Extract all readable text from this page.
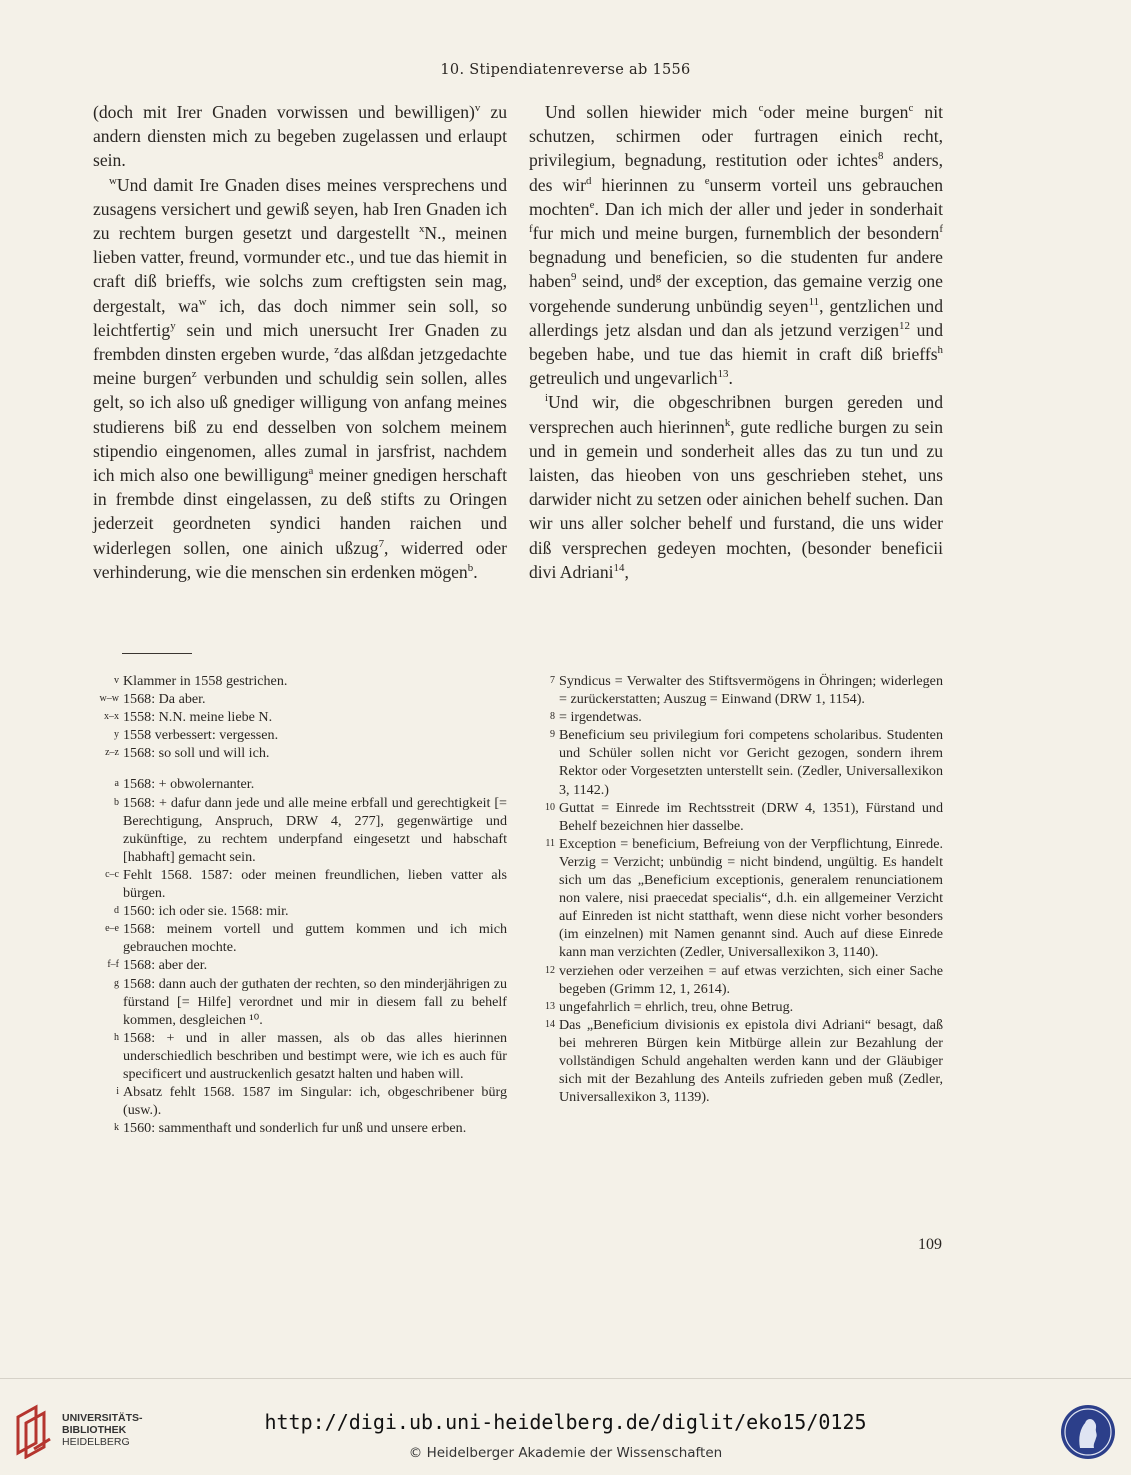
10. Stipendiatenreverse ab 1556

(doch mit Irer Gnaden vorwissen und bewilligen)$^v$ zu andern diensten mich zu begeben zugelassen und erlaupt sein.

$^w$Und damit Ire Gnaden dises meines versprechens und zusagens versichert und gewiß seyen, hab Iren Gnaden ich zu rechtem burgen gesetzt und dargestellt $^x$N., meinen lieben vatter, freund, vormunder etc., und tue das hiemit in craft diß brieffs, wie solchs zum creftigsten sein mag, dergestalt, $wa^w$ ich, das doch nimmer sein soll, so leichtfertig$^y$ sein und mich unersucht Irer Gnaden zu frembden dinsten ergeben wurde, $^z$das alßdan jetzgedachte meine burgen$^z$ verbunden und schuldig sein sollen, alles gelt, so ich also uß gnediger willigung von anfang meines studierens biß zu end desselben von solchem meinem stipendio eingenomen, alles zumal in jarsfrist, nachdem ich mich also one bewilligung$^a$ meiner gnedigen herschaft in frembde dinst eingelassen, zu deß stifts zu Oringen jederzeit geordneten syndici handen raichen und widerlegen sollen, one ainich ußzug$^7$, widerred oder verhinderung, wie die menschen sin erdenken mögen$^b$.

Und sollen hiewider mich $^c$oder meine burgen$^c$ nit schutzen, schirmen oder furtragen einich recht, privilegium, begnadung, restitution oder ichtes$^8$ anders, des wir$^d$ hierinnen zu $^e$unserm vorteil uns gebrauchen mochten$^e$. Dan ich mich der aller und jeder in sonderhait $^f$fur mich und meine burgen, furnemblich der besondern$^f$ begnadung und beneficien, so die studenten fur andere haben$^9$ seind, und$^g$ der exception, das gemaine verzig one vorgehende sunderung unbündig seyen$^{11}$, gentzlichen und allerdings jetz alsdan und dan als jetzund verzigen$^{12}$ und begeben habe, und tue das hiemit in craft diß brieffs$^h$ getreulich und ungevarlich$^{13}$.

$^i$Und wir, die obgeschribnen burgen gereden und versprechen auch hierinnen$^k$, gute redliche burgen zu sein und in gemein und sonderheit alles das zu tun und zu laisten, das hieoben von uns geschrieben stehet, uns darwider nicht zu setzen oder ainichen behelf suchen. Dan wir uns aller solcher behelf und furstand, die uns wider diß versprechen gedeyen mochten, (besonder beneficii divi Adriani$^{14}$,

v Klammer in 1558 gestrichen.
w–w 1568: Da aber.
x–x 1558: N.N. meine liebe N.
y 1558 verbessert: vergessen.
z–z 1568: so soll und will ich.
a 1568: + obwolernanter.
b 1568: + dafur dann jede und alle meine erbfall und gerechtigkeit [= Berechtigung, Anspruch, DRW 4, 277], gegenwärtige und zukünftige, zu rechtem underpfand eingesetzt und habschaft [habhaft] gemacht sein.
c–c Fehlt 1568. 1587: oder meinen freundlichen, lieben vatter als bürgen.
d 1560: ich oder sie. 1568: mir.
e–e 1568: meinem vortell und guttem kommen und ich mich gebrauchen mochte.
f–f 1568: aber der.
g 1568: dann auch der guthaten der rechten, so den minderjährigen zu fürstand [= Hilfe] verordnet und mir in diesem fall zu behelf kommen, desgleichen ¹⁰.
h 1568: + und in aller massen, als ob das alles hierinnen underschiedlich beschriben und bestimpt were, wie ich es auch für specificert und austruckenlich gesatzt halten und haben will.
i Absatz fehlt 1568. 1587 im Singular: ich, obgeschribener bürg (usw.).
k 1560: sammenthaft und sonderlich fur unß und unsere erben.
7 Syndicus = Verwalter des Stiftsvermögens in Öhringen; widerlegen = zurückerstatten; Auszug = Einwand (DRW 1, 1154).
8 = irgendetwas.
9 Beneficium seu privilegium fori competens scholaribus. Studenten und Schüler sollen nicht vor Gericht gezogen, sondern ihrem Rektor oder Vorgesetzten unterstellt sein. (Zedler, Universallexikon 3, 1142.)
10 Guttat = Einrede im Rechtsstreit (DRW 4, 1351), Fürstand und Behelf bezeichnen hier dasselbe.
11 Exception = beneficium, Befreiung von der Verpflichtung, Einrede. Verzig = Verzicht; unbündig = nicht bindend, ungültig. Es handelt sich um das „Beneficium exceptionis, generalem renunciationem non valere, nisi praecedat specialis“, d.h. ein allgemeiner Verzicht auf Einreden ist nicht statthaft, wenn diese nicht vorher besonders (im einzelnen) mit Namen genannt sind. Auch auf diese Einrede kann man verzichten (Zedler, Universallexikon 3, 1140).
12 verziehen oder verzeihen = auf etwas verzichten, sich einer Sache begeben (Grimm 12, 1, 2614).
13 ungefahrlich = ehrlich, treu, ohne Betrug.
14 Das „Beneficium divisionis ex epistola divi Adriani“ besagt, daß bei mehreren Bürgen kein Mitbürge allein zur Bezahlung der vollständigen Schuld angehalten werden kann und der Gläubiger sich mit der Bezahlung des Anteils zufrieden geben muß (Zedler, Universallexikon 3, 1139).
109
UNIVERSITÄTS-
BIBLIOTHEK
HEIDELBERG
http://digi.ub.uni-heidelberg.de/diglit/eko15/0125
© Heidelberger Akademie der Wissenschaften
